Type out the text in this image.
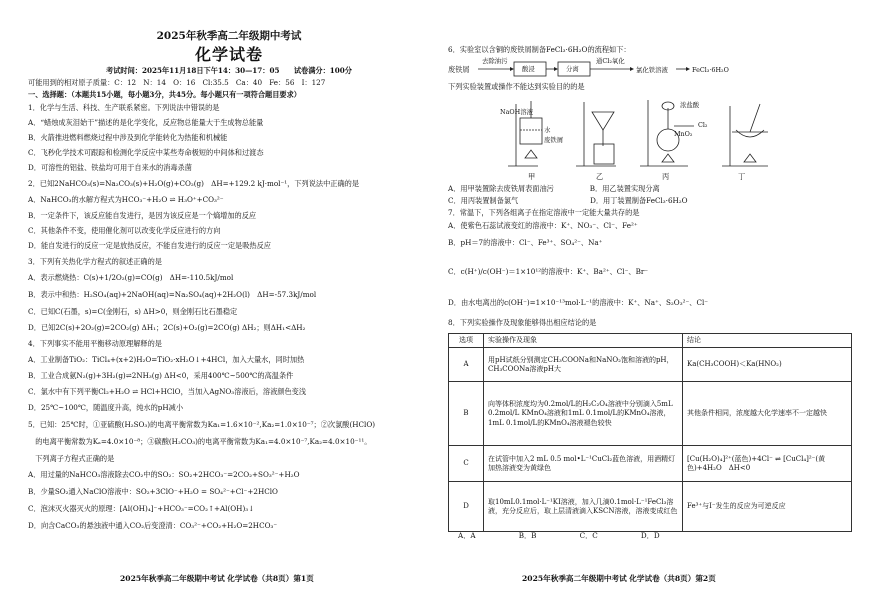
2025年秋季高二年级期中考试
化学试卷
考试时间：2025年11月18日下午14：30—17：05　　试卷满分：100分
可能用到的相对原子质量：C：12　N：14　O：16　Cl:35.5　Ca：40　Fe：56　I：127
一、选择题：（本题共15小题，每小题3分，共45分。每小题只有一项符合题目要求）
1．化学与生活、科技、生产联系紧密。下列说法中错误的是
A．“蜡烛成灰泪始干”描述的是化学变化，反应物总能量大于生成物总能量
B．火箭推进燃料燃烧过程中涉及到化学能转化为热能和机械能
C．飞秒化学技术可跟踪和检测化学反应中某些寿命极短的中间体和过渡态
D．可溶性的铝盐、铁盐均可用于自来水的消毒杀菌
2．已知2NaHCO₃(s)=Na₂CO₃(s)+H₂O(g)+CO₂(g)　ΔH=+129.2 kJ·mol⁻¹，下列说法中正确的是
A．NaHCO₃的水解方程式为HCO₃⁻+H₂O ⇌ H₃O⁺+CO₃²⁻
B．一定条件下，该反应能自发进行，是因为该反应是一个熵增加的反应
C．其他条件不变，使用催化剂可以改变化学反应进行的方向
D．能自发进行的反应一定是放热反应，不能自发进行的反应一定是吸热反应
3．下列有关热化学方程式的叙述正确的是
A．表示燃烧热：C(s)+1/2O₂(g)=CO(g)　ΔH=-110.5kJ/mol
B．表示中和热：H₂SO₄(aq)+2NaOH(aq)=Na₂SO₄(aq)+2H₂O(l)　ΔH=-57.3kJ/mol
C．已知C(石墨，s)=C(金刚石，s) ΔH>0，则金刚石比石墨稳定
D．已知2C(s)+2O₂(g)=2CO₂(g) ΔH₁；2C(s)+O₂(g)=2CO(g) ΔH₂；则ΔH₁<ΔH₂
4．下列事实不能用平衡移动原理解释的是
A．工业制备TiO₂：TiCl₄+(x+2)H₂O=TiO₂·xH₂O↓+4HCl，加入大量水，同时加热
B．工业合成氨N₂(g)+3H₂(g)⇌2NH₃(g) ΔH<0，采用400℃~500℃的高温条件
C．氯水中有下列平衡Cl₂+H₂O ⇌ HCl+HClO，当加入AgNO₃溶液后，溶液颜色变浅
D．25℃~100℃，随温度升高，纯水的pH减小
5．已知：25℃时，①亚硫酸(H₂SO₃)的电离平衡常数为Ka₁=1.6×10⁻²,Ka₂=1.0×10⁻⁷；②次氯酸(HClO)
　的电离平衡常数为Kₐ=4.0×10⁻⁸；③碳酸(H₂CO₃)的电离平衡常数为Ka₁=4.0×10⁻⁷,Ka₂=4.0×10⁻¹¹。
　下列离子方程式正确的是
A．用过量的NaHCO₃溶液除去CO₂中的SO₂：SO₂+2HCO₃⁻=2CO₂+SO₃²⁻+H₂O
B．少量SO₂通入NaClO溶液中：SO₂+3ClO⁻+H₂O = SO₄²⁻+Cl⁻+2HClO
C．泡沫灭火器灭火的原理：[Al(OH)₄]⁻+HCO₃⁻=CO₂↑+Al(OH)₃↓
D．向含CaCO₃的悬浊液中通入CO₂后变澄清：CO₃²⁻+CO₂+H₂O=2HCO₃⁻
2025年秋季高二年级期中考试 化学试卷（共8页）第1页
6．实验室以含铜的废铁屑制备FeCl₃·6H₂O的流程如下：
废铁屑
去除油污
酸浸	分离
通Cl₂氧化
氯化铁溶液	FeCl₃·6H₂O
下列实验装置或操作不能达到实验目的的是
NaOH溶液
水
废铁屑
浓盐酸
MnO₂
Cl₂
甲	乙	丙	丁
A．用甲装置除去废铁屑表面油污　　　　　B．用乙装置实现分离
C．用丙装置制备氯气　　　　　　　　　　D．用丁装置制备FeCl₃·6H₂O
7．常温下，下列各组离子在指定溶液中一定能大量共存的是
A．使紫色石蕊试液变红的溶液中：K⁺、NO₃⁻、Cl⁻、Fe²⁺
B．pH＝7的溶液中：Cl⁻、Fe³⁺、SO₄²⁻、Na⁺
C．c(H⁺)/c(OH⁻)＝1×10¹²的溶液中：K⁺、Ba²⁺、Cl⁻、Br⁻
D．由水电离出的c(OH⁻)=1×10⁻¹³mol·L⁻¹的溶液中：K⁺、Na⁺、S₂O₃²⁻、Cl⁻
8．下列实验操作及现象能够得出相应结论的是
选项	实验操作及现象	结论
A	用pH试纸分别测定CH₃COONa和NaNO₂饱和溶液的pH，CH₃COONa溶液pH大	Ka(CH₃COOH)＜Ka(HNO₂)
B	向等体积浓度均为0.2mol/L的H₂C₂O₄溶液中分别滴入5mL 0.2mol/L KMnO₄溶液和1mL 0.1mol/L的KMnO₄溶液，1mL 0.1mol/L的KMnO₄溶液褪色较快	其他条件相同，浓度越大化学速率不一定越快
C	在试管中加入2 mL 0.5 mol•L⁻¹CuCl₂蓝色溶液，用酒精灯加热溶液变为黄绿色	[Cu(H₂O)₄]²⁺(蓝色)+4Cl⁻ ⇌ [CuCl₄]²⁻(黄色)+4H₂O　ΔH<0
D	取10mL0.1mol·L⁻¹KI溶液，加入几滴0.1mol·L⁻¹FeCl₃溶液，充分反应后，取上层清液滴入KSCN溶液，溶液变成红色	Fe³⁺与I⁻发生的反应为可逆反应
A．A　　　　　　B．B　　　　　　C．C　　　　　　D．D
2025年秋季高二年级期中考试 化学试卷（共8页）第2页
